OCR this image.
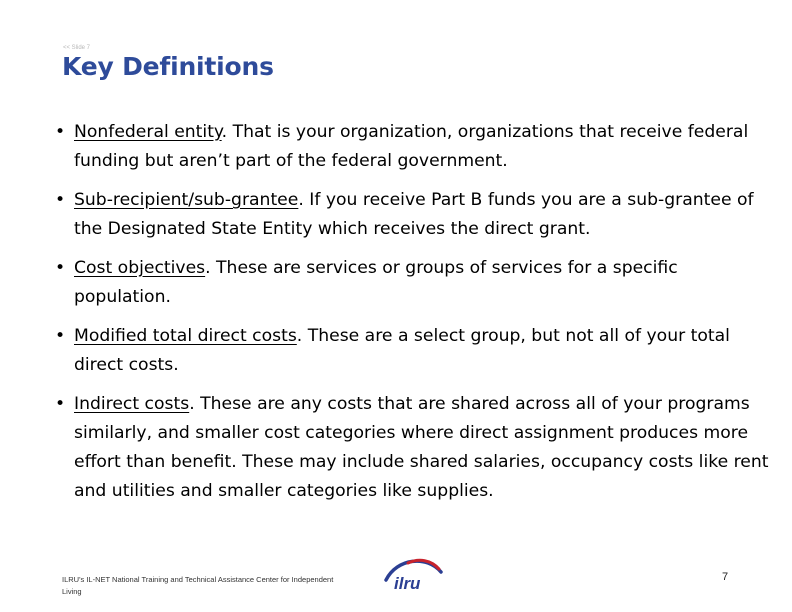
<< Slide 7
Key Definitions
• Nonfederal entity. That is your organization, organizations that receive federal funding but aren’t part of the federal government.
• Sub-recipient/sub-grantee. If you receive Part B funds you are a sub-grantee of the Designated State Entity which receives the direct grant.
• Cost objectives. These are services or groups of services for a specific population.
• Modified total direct costs. These are a select group, but not all of your total direct costs.
• Indirect costs. These are any costs that are shared across all of your programs similarly, and smaller cost categories where direct assignment produces more effort than benefit. These may include shared salaries, occupancy costs like rent and utilities and smaller categories like supplies.
ILRU's IL-NET National Training and Technical Assistance Center for Independent Living	ilru	7
